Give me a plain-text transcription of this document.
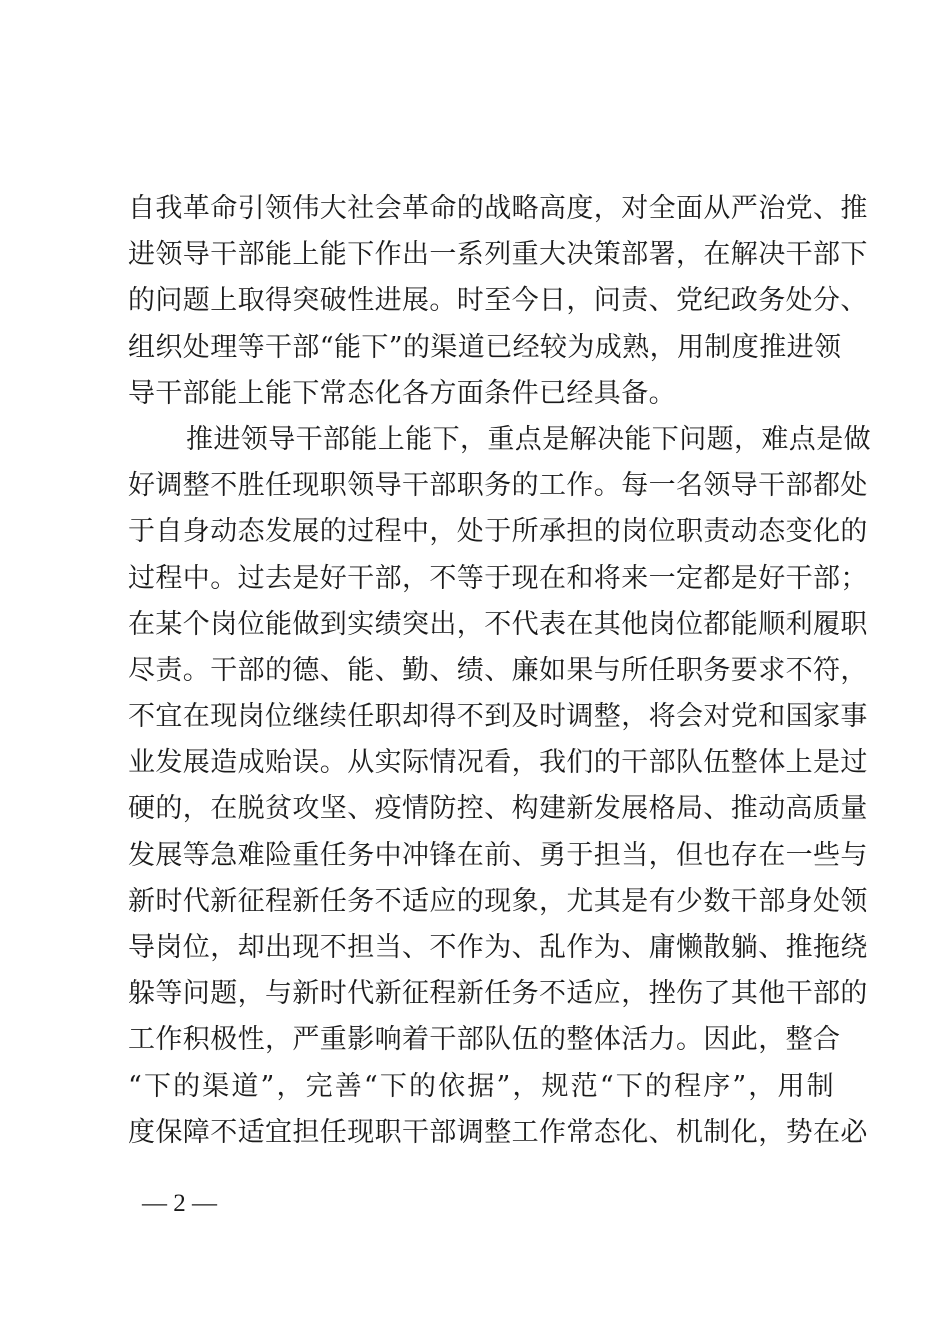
自我革命引领伟大社会革命的战略高度，对全面从严治党、推
进领导干部能上能下作出一系列重大决策部署，在解决干部下
的问题上取得突破性进展。时至今日，问责、党纪政务处分、
组织处理等干部“能下”的渠道已经较为成熟，用制度推进领
导干部能上能下常态化各方面条件已经具备。
推进领导干部能上能下，重点是解决能下问题，难点是做
好调整不胜任现职领导干部职务的工作。每一名领导干部都处
于自身动态发展的过程中，处于所承担的岗位职责动态变化的
过程中。过去是好干部，不等于现在和将来一定都是好干部；
在某个岗位能做到实绩突出，不代表在其他岗位都能顺利履职
尽责。干部的德、能、勤、绩、廉如果与所任职务要求不符，
不宜在现岗位继续任职却得不到及时调整，将会对党和国家事
业发展造成贻误。从实际情况看，我们的干部队伍整体上是过
硬的，在脱贫攻坚、疫情防控、构建新发展格局、推动高质量
发展等急难险重任务中冲锋在前、勇于担当，但也存在一些与
新时代新征程新任务不适应的现象，尤其是有少数干部身处领
导岗位，却出现不担当、不作为、乱作为、庸懒散躺、推拖绕
躲等问题，与新时代新征程新任务不适应，挫伤了其他干部的
工作积极性，严重影响着干部队伍的整体活力。因此，整合
“下的渠道”，完善“下的依据”，规范“下的程序”，用制
度保障不适宜担任现职干部调整工作常态化、机制化，势在必
— 2 —
